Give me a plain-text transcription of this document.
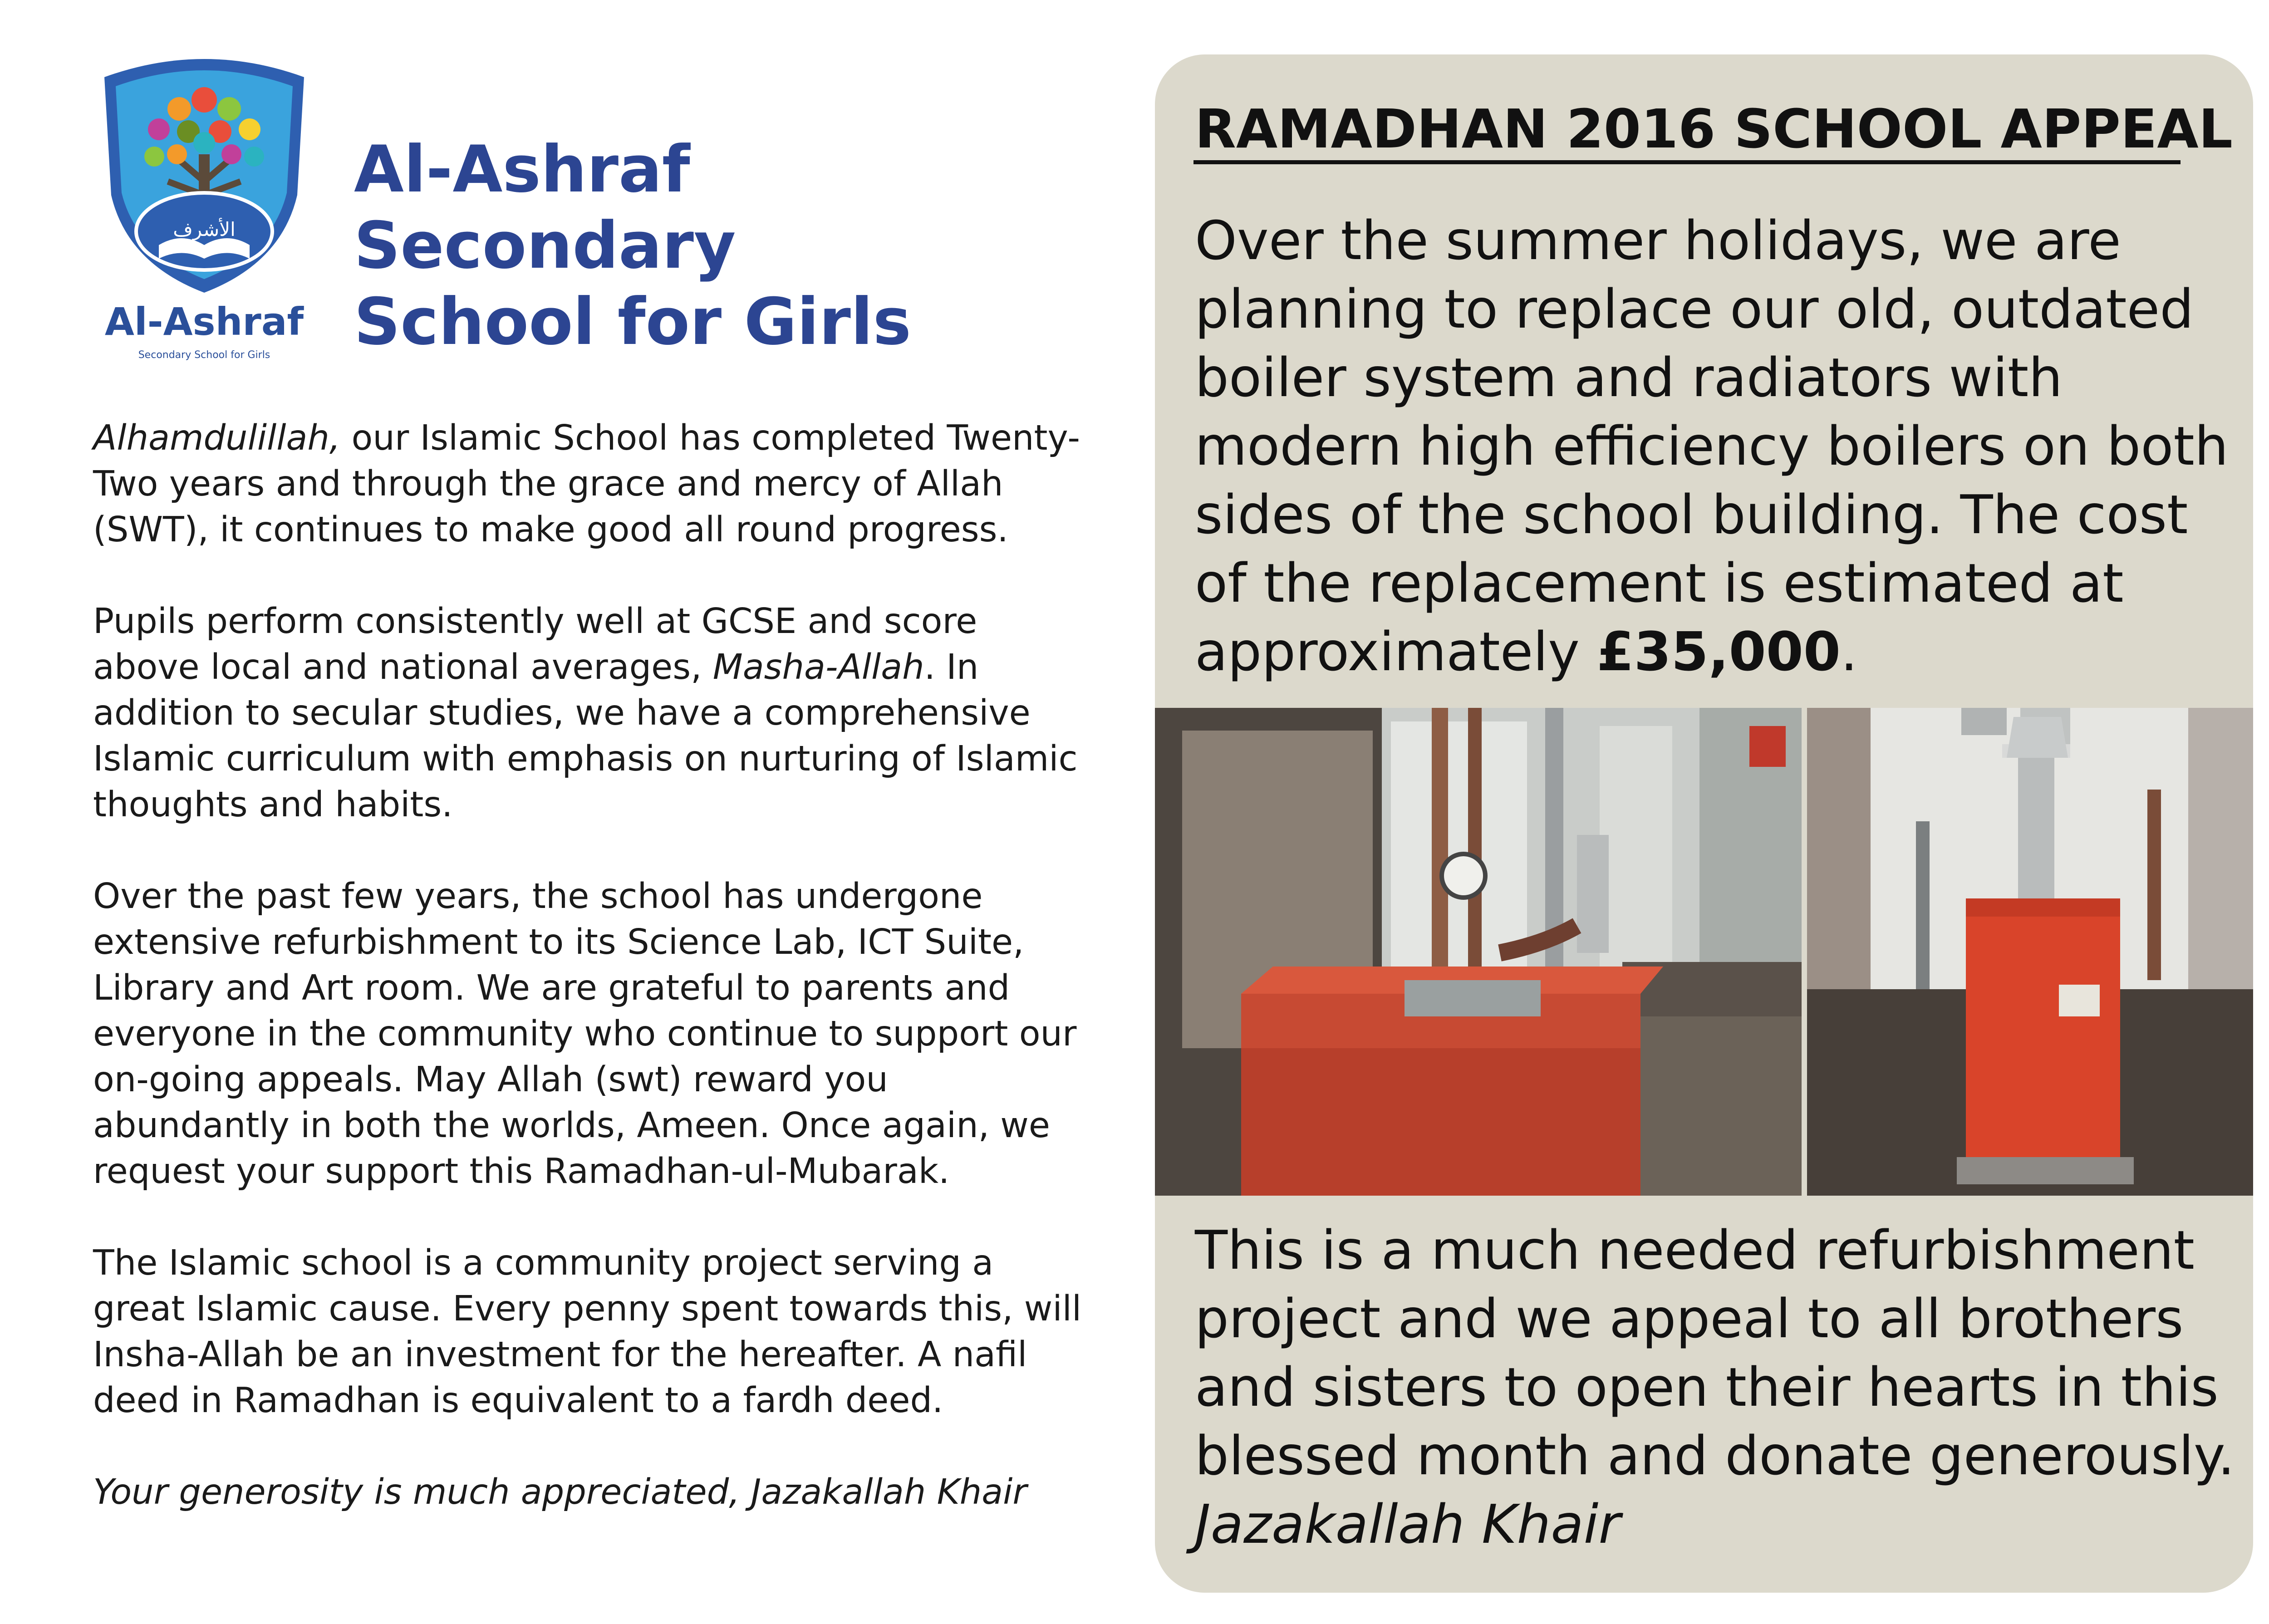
الأشرف
Al-Ashraf
Secondary School for Girls
Al-Ashraf Secondary
School for Girls

Alhamdulillah, our Islamic School has completed Twenty-Two years and through the grace and mercy of Allah (SWT), it continues to make good all round progress.

Pupils perform consistently well at GCSE and score above local and national averages, Masha-Allah. In addition to secular studies, we have a comprehensive Islamic curriculum with emphasis on nurturing of Islamic thoughts and habits.

Over the past few years, the school has undergone extensive refurbishment to its Science Lab, ICT Suite, Library and Art room. We are grateful to parents and everyone in the community who continue to support our on-going appeals. May Allah (swt) reward you abundantly in both the worlds, Ameen. Once again, we request your support this Ramadhan-ul-Mubarak.

The Islamic school is a community project serving a great Islamic cause. Every penny spent towards this, will Insha-Allah be an investment for the hereafter. A nafil deed in Ramadhan is equivalent to a fardh deed.

Your generosity is much appreciated, Jazakallah Khair

RAMADHAN 2016 SCHOOL APPEAL

Over the summer holidays, we are planning to replace our old, outdated boiler system and radiators with modern high efficiency boilers on both sides of the school building. The cost of the replacement is estimated at approximately £35,000.

This is a much needed refurbishment project and we appeal to all brothers and sisters to open their hearts in this blessed month and donate generously.
Jazakallah Khair
